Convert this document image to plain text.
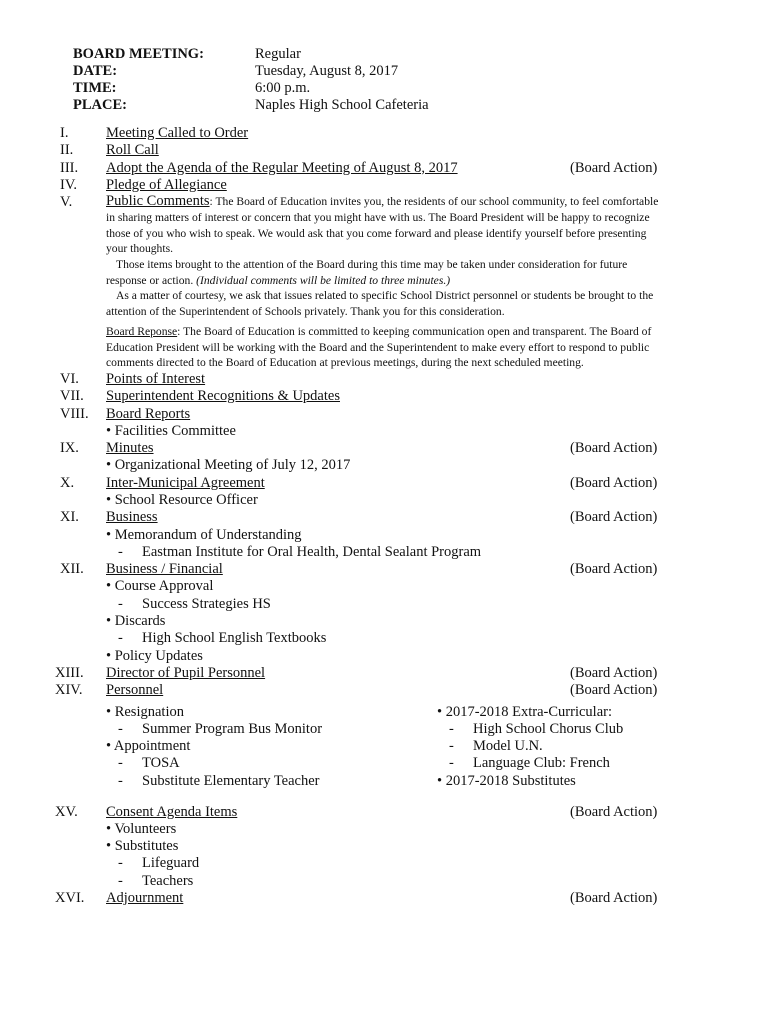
BOARD MEETING:	Regular
DATE:	Tuesday, August 8, 2017
TIME:	6:00 p.m.
PLACE:	Naples High School Cafeteria
I.	Meeting Called to Order
II.	Roll Call
III.	Adopt the Agenda of the Regular Meeting of August 8, 2017	(Board Action)
IV.	Pledge of Allegiance
V.	Public Comments: The Board of Education invites you, the residents of our school community, to feel comfortable in sharing matters of interest or concern that you might have with us. The Board President will be happy to recognize those of you who wish to speak. We would ask that you come forward and please identify yourself before presenting your thoughts.

Those items brought to the attention of the Board during this time may be taken under consideration for future response or action. (Individual comments will be limited to three minutes.)

As a matter of courtesy, we ask that issues related to specific School District personnel or students be brought to the attention of the Superintendent of Schools privately. Thank you for this consideration.

Board Reponse: The Board of Education is committed to keeping communication open and transparent. The Board of Education President will be working with the Board and the Superintendent to make every effort to respond to public comments directed to the Board of Education at previous meetings, during the next scheduled meeting.

VI.	Points of Interest
VII.	Superintendent Recognitions & Updates
VIII.	Board Reports
• Facilities Committee
IX.	Minutes	(Board Action)
• Organizational Meeting of July 12, 2017
X.	Inter-Municipal Agreement	(Board Action)
• School Resource Officer
XI.	Business	(Board Action)
• Memorandum of Understanding
- Eastman Institute for Oral Health, Dental Sealant Program
XII.	Business / Financial	(Board Action)
• Course Approval
- Success Strategies HS
• Discards
- High School English Textbooks
• Policy Updates
XIII.	Director of Pupil Personnel	(Board Action)
XIV.	Personnel	(Board Action)
• Resignation
- Summer Program Bus Monitor
• Appointment
- TOSA
- Substitute Elementary Teacher
• 2017-2018 Extra-Curricular:
- High School Chorus Club
- Model U.N.
- Language Club: French
• 2017-2018 Substitutes
XV.	Consent Agenda Items	(Board Action)
• Volunteers
• Substitutes
- Lifeguard
- Teachers
XVI.	Adjournment	(Board Action)
